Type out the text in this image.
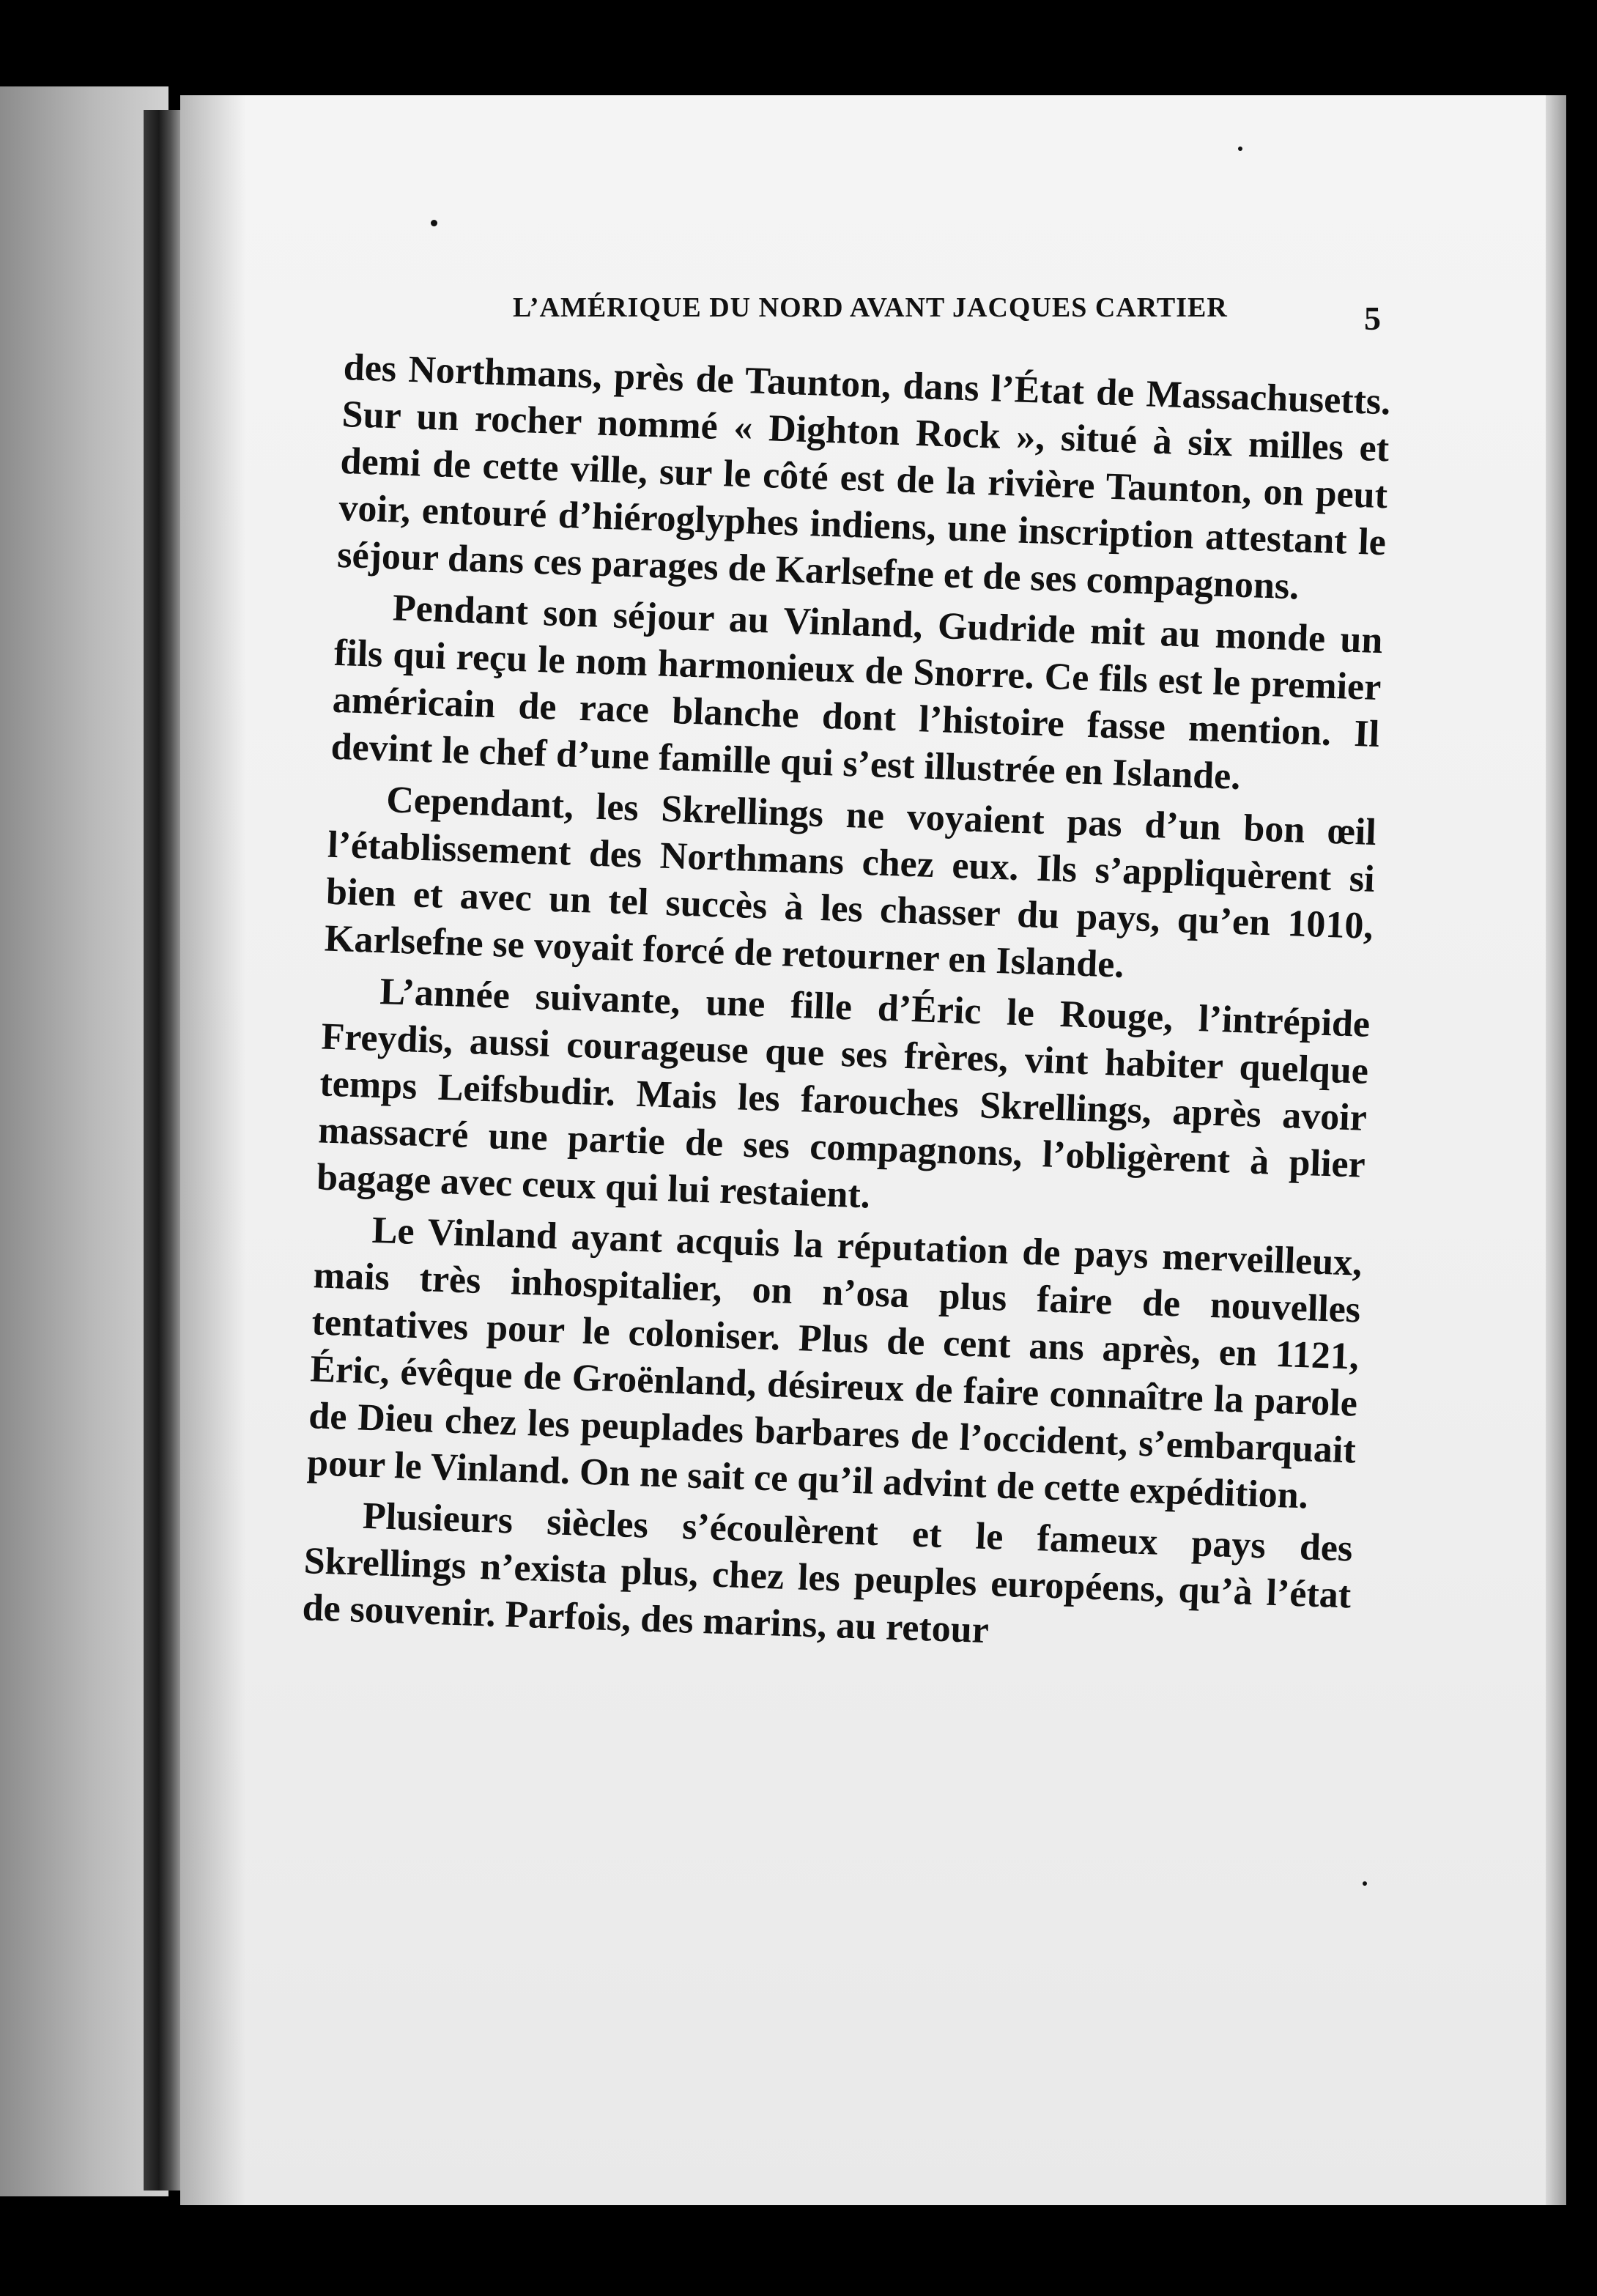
L’AMÉRIQUE DU NORD AVANT JACQUES CARTIER	5

des Northmans, près de Taunton, dans l’État de Massachusetts. Sur un rocher nommé « Dighton Rock », situé à six milles et demi de cette ville, sur le côté est de la rivière Taunton, on peut voir, entouré d’hiéroglyphes indiens, une inscription attestant le séjour dans ces parages de Karlsefne et de ses compagnons.

Pendant son séjour au Vinland, Gudride mit au monde un fils qui reçu le nom harmonieux de Snorre. Ce fils est le premier américain de race blanche dont l’histoire fasse mention. Il devint le chef d’une famille qui s’est illustrée en Islande.

Cependant, les Skrellings ne voyaient pas d’un bon œil l’établissement des Northmans chez eux. Ils s’appliquèrent si bien et avec un tel succès à les chasser du pays, qu’en 1010, Karlsefne se voyait forcé de retourner en Islande.

L’année suivante, une fille d’Éric le Rouge, l’intrépide Freydis, aussi courageuse que ses frères, vint habiter quelque temps Leifsbudir. Mais les farouches Skrellings, après avoir massacré une partie de ses compagnons, l’obligèrent à plier bagage avec ceux qui lui restaient.

Le Vinland ayant acquis la réputation de pays merveilleux, mais très inhospitalier, on n’osa plus faire de nouvelles tentatives pour le coloniser. Plus de cent ans après, en 1121, Éric, évêque de Groënland, désireux de faire connaître la parole de Dieu chez les peuplades barbares de l’occident, s’embarquait pour le Vinland. On ne sait ce qu’il advint de cette expédition.

Plusieurs siècles s’écoulèrent et le fameux pays des Skrellings n’exista plus, chez les peuples européens, qu’à l’état de souvenir. Parfois, des marins, au retour
